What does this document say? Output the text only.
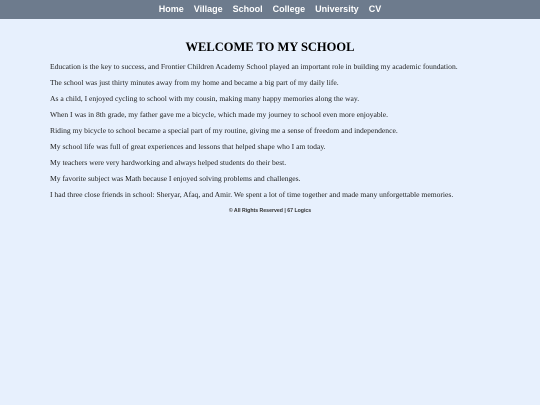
Home Village School College University CV
WELCOME TO MY SCHOOL

Education is the key to success, and Frontier Children Academy School played an important role in building my academic foundation.

The school was just thirty minutes away from my home and became a big part of my daily life.

As a child, I enjoyed cycling to school with my cousin, making many happy memories along the way.

When I was in 8th grade, my father gave me a bicycle, which made my journey to school even more enjoyable.

Riding my bicycle to school became a special part of my routine, giving me a sense of freedom and independence.

My school life was full of great experiences and lessons that helped shape who I am today.

My teachers were very hardworking and always helped students do their best.

My favorite subject was Math because I enjoyed solving problems and challenges.

I had three close friends in school: Sheryar, Afaq, and Amir. We spent a lot of time together and made many unforgettable memories.

© All Rights Reserved | 67 Logics
